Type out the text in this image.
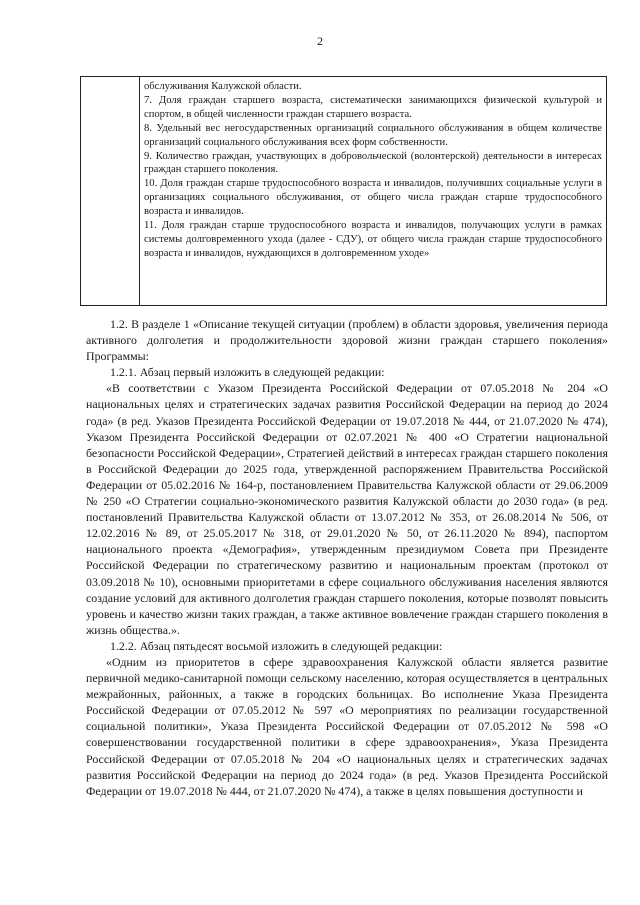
2

обслуживания Калужской области.

7. Доля граждан старшего возраста, систематически занимающихся физической культурой и спортом, в общей численности граждан старшего возраста.

8. Удельный вес негосударственных организаций социального обслуживания в общем количестве организаций социального обслуживания всех форм собственности.

9. Количество граждан, участвующих в добровольческой (волонтерской) деятельности в интересах граждан старшего поколения.

10. Доля граждан старше трудоспособного возраста и инвалидов, получивших социальные услуги в организациях социального обслуживания, от общего числа граждан старше трудоспособного возраста и инвалидов.

11. Доля граждан старше трудоспособного возраста и инвалидов, получающих услуги в рамках системы долговременного ухода (далее - СДУ), от общего числа граждан старше трудоспособного возраста и инвалидов, нуждающихся в долговременном уходе»

1.2. В разделе 1 «Описание текущей ситуации (проблем) в области здоровья, увеличения периода активного долголетия и продолжительности здоровой жизни граждан старшего поколения» Программы:

1.2.1. Абзац первый изложить в следующей редакции:

«В соответствии с Указом Президента Российской Федерации от 07.05.2018 № 204 «О национальных целях и стратегических задачах развития Российской Федерации на период до 2024 года» (в ред. Указов Президента Российской Федерации от 19.07.2018 № 444, от 21.07.2020 № 474), Указом Президента Российской Федерации от 02.07.2021 № 400 «О Стратегии национальной безопасности Российской Федерации», Стратегией действий в интересах граждан старшего поколения в Российской Федерации до 2025 года, утвержденной распоряжением Правительства Российской Федерации от 05.02.2016 № 164-р, постановлением Правительства Калужской области от 29.06.2009 № 250 «О Стратегии социально-экономического развития Калужской области до 2030 года» (в ред. постановлений Правительства Калужской области от 13.07.2012 № 353, от 26.08.2014 № 506, от 12.02.2016 № 89, от 25.05.2017 № 318, от 29.01.2020 № 50, от 26.11.2020 № 894), паспортом национального проекта «Демография», утвержденным президиумом Совета при Президенте Российской Федерации по стратегическому развитию и национальным проектам (протокол от 03.09.2018 № 10), основными приоритетами в сфере социального обслуживания населения являются создание условий для активного долголетия граждан старшего поколения, которые позволят повысить уровень и качество жизни таких граждан, а также активное вовлечение граждан старшего поколения в жизнь общества.».

1.2.2. Абзац пятьдесят восьмой изложить в следующей редакции:

«Одним из приоритетов в сфере здравоохранения Калужской области является развитие первичной медико-санитарной помощи сельскому населению, которая осуществляется в центральных межрайонных, районных, а также в городских больницах. Во исполнение Указа Президента Российской Федерации от 07.05.2012 № 597 «О мероприятиях по реализации государственной социальной политики», Указа Президента Российской Федерации от 07.05.2012 № 598 «О совершенствовании государственной политики в сфере здравоохранения», Указа Президента Российской Федерации от 07.05.2018 № 204 «О национальных целях и стратегических задачах развития Российской Федерации на период до 2024 года» (в ред. Указов Президента Российской Федерации от 19.07.2018 № 444, от 21.07.2020 № 474), а также в целях повышения доступности и
